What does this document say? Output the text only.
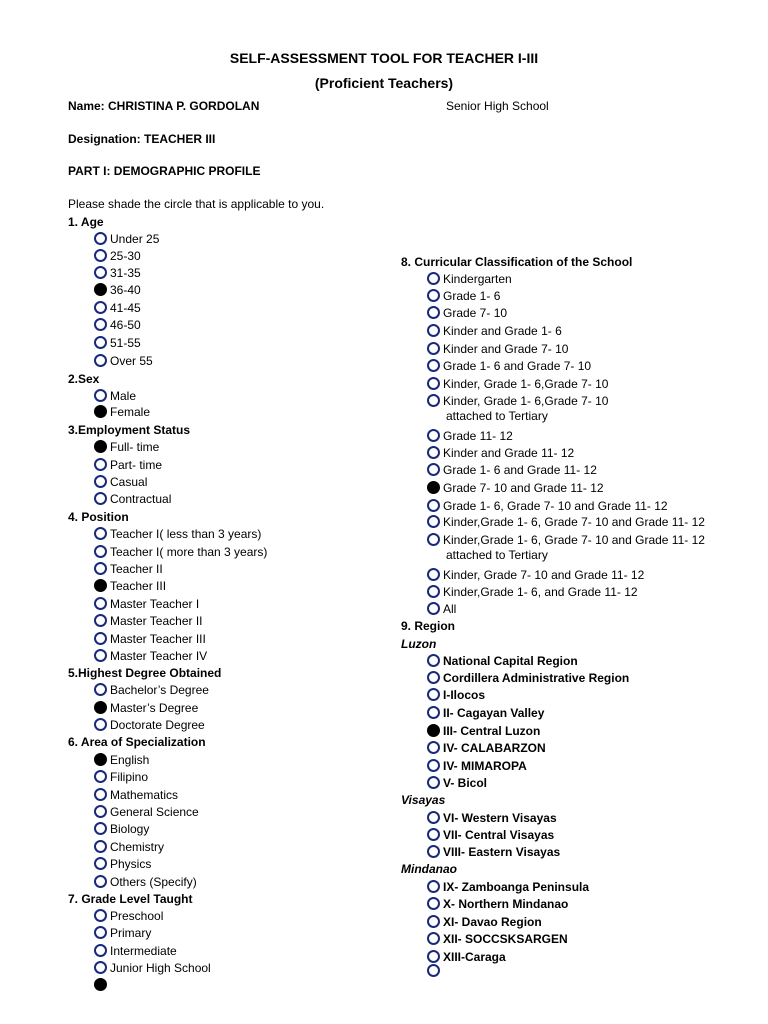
SELF-ASSESSMENT TOOL FOR TEACHER I-III
(Proficient Teachers)
Name: CHRISTINA P. GORDOLAN	Senior High School
Designation: TEACHER III
PART I: DEMOGRAPHIC PROFILE
Please shade the circle that is applicable to you.
1. Age
2.Sex
3.Employment Status
4. Position
5.Highest Degree Obtained
6. Area of Specialization
7. Grade Level Taught
8. Curricular Classification of the School
9. Region
Luzon
Visayas
Mindanao
Under 25
25-30
31-35
36-40
41-45
46-50
51-55
Over 55
Male
Female
Full- time
Part- time
Casual
Contractual
Teacher I( less than 3 years)
Teacher I( more than 3 years)
Teacher II
Teacher III
Master Teacher I
Master Teacher II
Master Teacher III
Master Teacher IV
Bachelor’s Degree
Master’s Degree
Doctorate Degree
English
Filipino
Mathematics
General Science
Biology
Chemistry
Physics
Others (Specify)
Preschool
Primary
Intermediate
Junior High School
Kindergarten
Grade 1- 6
Grade 7- 10
Kinder and Grade 1- 6
Kinder and Grade 7- 10
Grade 1- 6 and Grade 7- 10
Kinder, Grade 1- 6,Grade 7- 10
Kinder, Grade 1- 6,Grade 7- 10
attached to Tertiary
Grade 11- 12
Kinder and Grade 11- 12
Grade 1- 6 and Grade 11- 12
Grade 7- 10 and Grade 11- 12
Grade 1- 6, Grade 7- 10 and Grade 11- 12
Kinder,Grade 1- 6, Grade 7- 10 and Grade 11- 12
Kinder,Grade 1- 6, Grade 7- 10 and Grade 11- 12
attached to Tertiary
Kinder, Grade 7- 10 and Grade 11- 12
Kinder,Grade 1- 6, and Grade 11- 12
All
National Capital Region
Cordillera Administrative Region
I-Ilocos
II- Cagayan Valley
III- Central Luzon
IV- CALABARZON
IV- MIMAROPA
V- Bicol
VI- Western Visayas
VII- Central Visayas
VIII- Eastern Visayas
IX- Zamboanga Peninsula
X- Northern Mindanao
XI- Davao Region
XII- SOCCSKSARGEN
XIII-Caraga
